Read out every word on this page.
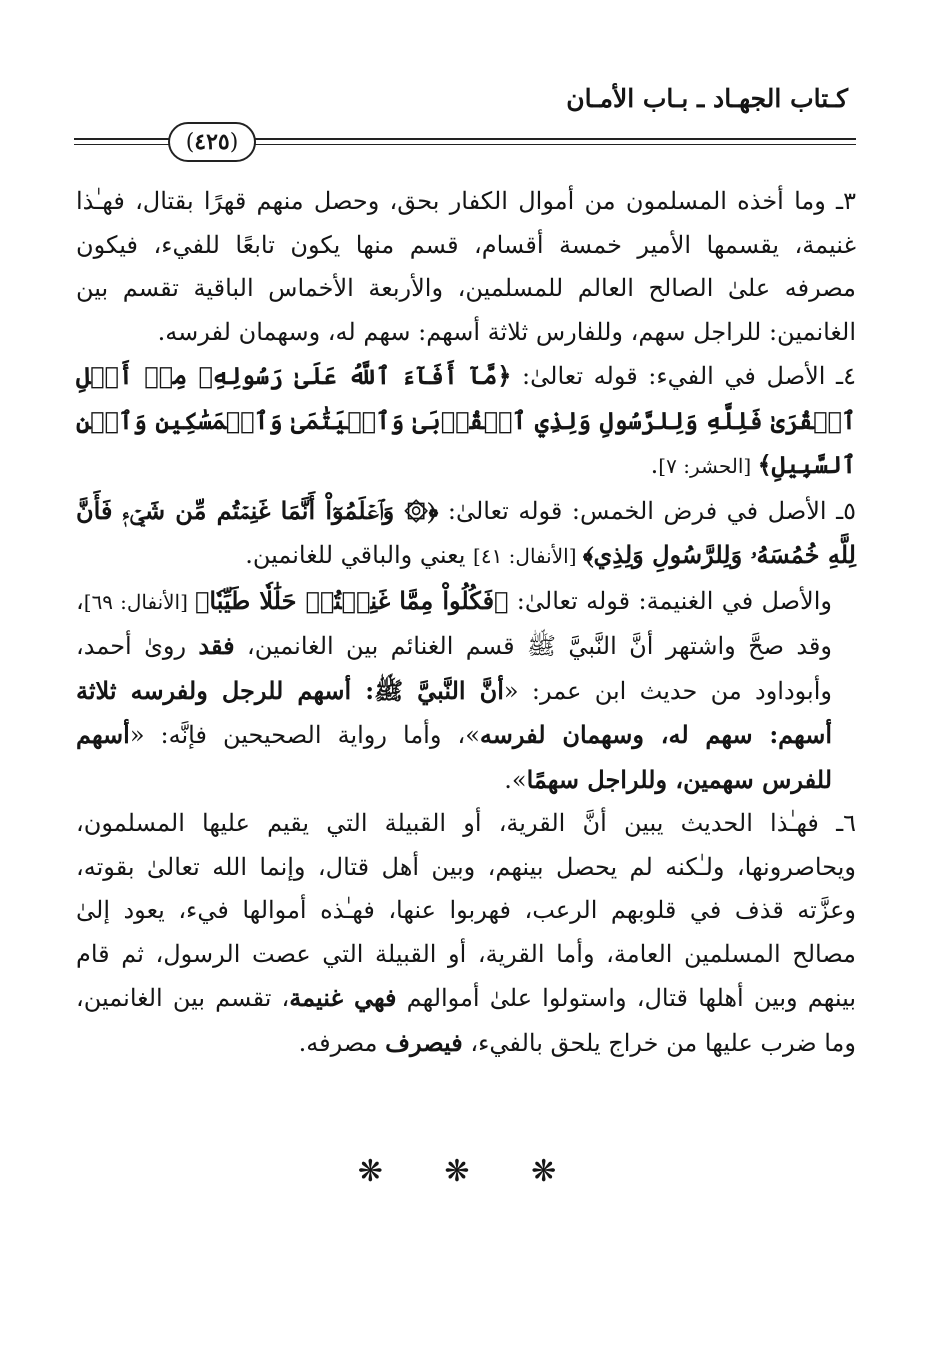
كـتاب الجهـاد ـ بـاب الأمـان
(
٤٢٥
)

٣ـ وما أخذه المسلمون من أموال الكفار بحق، وحصل منهم قهرًا بقتال، فهـٰذا غنيمة، يقسمها الأمير خمسة أقسام، قسم منها يكون تابعًا للفيء، فيكون مصرفه علىٰ الصالح العالم للمسلمين، والأربعة الأخماس الباقية تقسم بين الغانمين: للراجل سهم، وللفارس ثلاثة أسهم: سهم له، وسهمان لفرسه.

٤ـ الأصل في الفيء: قوله تعالىٰ: ﴿مَّآ أَفَآءَ ٱللَّهُ عَلَىٰ رَسُولِهِۦ مِنۡ أَهۡلِ ٱلۡقُرَىٰ فَلِلَّهِ وَلِلرَّسُولِ وَلِذِي ٱلۡقُرۡبَىٰ وَٱلۡيَتَٰمَىٰ وَٱلۡمَسَٰكِينِ وَٱبۡنِ ٱلسَّبِيلِ﴾ [الحشر: ٧].

٥ـ الأصل في فرض الخمس: قوله تعالىٰ: ﴿۞ وَٱعۡلَمُوٓاْ أَنَّمَا غَنِمۡتُم مِّن شَيۡءٖ فَأَنَّ لِلَّهِ خُمُسَهُۥ وَلِلرَّسُولِ وَلِذِي﴾ [الأنفال: ٤١] يعني والباقي للغانمين.

والأصل في الغنيمة: قوله تعالىٰ: ﴿فَكُلُواْ مِمَّا غَنِمۡتُمۡ حَلَٰلٗا طَيِّبٗا﴾ [الأنفال: ٦٩]، وقد صحَّ واشتهر أنَّ النَّبيَّ ﷺ قسم الغنائم بين الغانمين، فقد روىٰ أحمد، وأبوداود من حديث ابن عمر: «أنَّ النَّبيَّ ﷺ: أسهم للرجل ولفرسه ثلاثة أسهم: سهم له، وسهمان لفرسه»، وأما رواية الصحيحين فإنَّه: «أسهم للفرس سهمين، وللراجل سهمًا».

٦ـ فهـٰذا الحديث يبين أنَّ القرية، أو القبيلة التي يقيم عليها المسلمون، ويحاصرونها، ولـٰكنه لم يحصل بينهم، وبين أهل قتال، وإنما الله تعالىٰ بقوته، وعزَّته قذف في قلوبهم الرعب، فهربوا عنها، فهـٰذه أموالها فيء، يعود إلىٰ مصالح المسلمين العامة، وأما القرية، أو القبيلة التي عصت الرسول، ثم قام بينهم وبين أهلها قتال، واستولوا علىٰ أموالهم فهي غنيمة، تقسم بين الغانمين، وما ضرب عليها من خراج يلحق بالفيء، فيصرف مصرفه.

❋ ❋ ❋
